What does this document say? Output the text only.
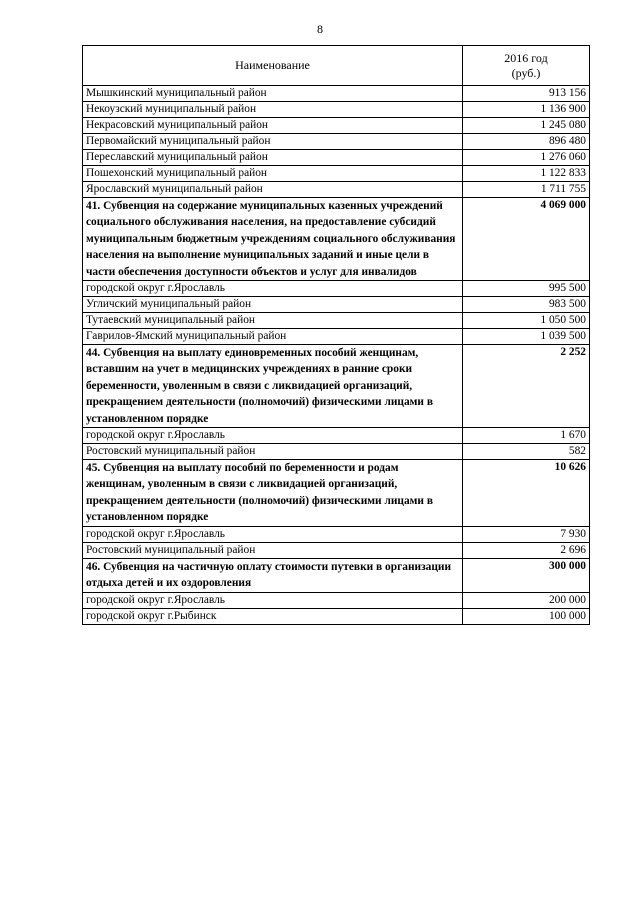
8
Наименование	2016 год
(руб.)

Мышкинский муниципальный район	913 156
Некоузский муниципальный район	1 136 900
Некрасовский муниципальный район	1 245 080
Первомайский муниципальный район	896 480
Переславский муниципальный район	1 276 060
Пошехонский муниципальный район	1 122 833
Ярославский муниципальный район	1 711 755
41. Субвенция на содержание муниципальных казенных учреждений социального обслуживания населения, на предоставление субсидий муниципальным бюджетным учреждениям социального обслуживания населения на выполнение муниципальных заданий и иные цели в части обеспечения доступности объектов и услуг для инвалидов	4 069 000
городской округ г.Ярославль	995 500
Угличский муниципальный район	983 500
Тутаевский муниципальный район	1 050 500
Гаврилов-Ямский муниципальный район	1 039 500
44. Субвенция на выплату единовременных пособий женщинам, вставшим на учет в медицинских учреждениях в ранние сроки беременности, уволенным в связи с ликвидацией организаций, прекращением деятельности (полномочий) физическими лицами в установленном порядке	2 252
городской округ г.Ярославль	1 670
Ростовский муниципальный район	582
45. Субвенция на выплату пособий по беременности и родам женщинам, уволенным в связи с ликвидацией организаций, прекращением деятельности (полномочий) физическими лицами в установленном порядке	10 626
городской округ г.Ярославль	7 930
Ростовский муниципальный район	2 696
46. Субвенция на частичную оплату стоимости путевки в организации отдыха детей и их оздоровления	300 000
городской округ г.Ярославль	200 000
городской округ г.Рыбинск	100 000
